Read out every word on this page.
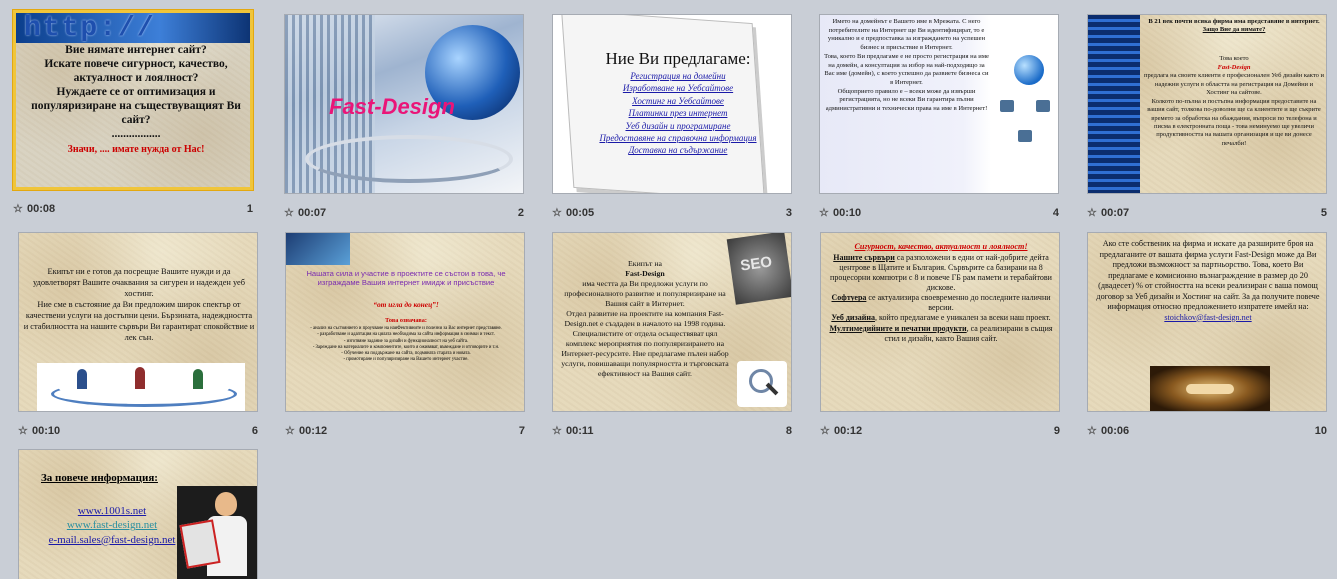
http://
Вие нямате интернет сайт?
Искате повече сигурност, качество, актуалност и лоялност?
Нуждаете се от оптимизация и популяризиране на съществуващият Ви сайт?
.................
Значи, .... имате нужда от Нас!
☆ 00:08	1
Fast-Design
☆ 00:07	2
Ние Ви предлагаме:
Регистрация на домейни
Изработване на Уебсайтове
Хостинг на Уебсайтове
Платинки през интернет
Уеб дизайн и програмиране
Предоставяне на справочна информация
Доставка на съдържание
☆ 00:05	3
Името на домейнът е Вашето име в Мрежата. С него потребителите на Интернет ще Ви идентифицират, то е уникално и е предпоставка за изграждането на успешен бизнес и присъствие в Интернет.
Това, което Ви предлагаме е не просто регистрация на име на домейн, а консултация за избор на най-подходящо за Вас име (домейн), с което успешно да развиете бизнеса си в Интернет.
Общоприето правило е – всеки може да извърши регистрацията, но не всеки Ви гарантира пълни административни и технически права на име в Интернет!
☆ 00:10	4
В 21 век почти всяка фирма има представяне в интернет. Защо Вие да нямате?

Това което
Fast-Design
предлага на своите клиенти е професионален Уеб дизайн както и надежни услуги в областта на регистрация на Домейни и Хостинг на сайтове.
Колкото по-пълна и постъпна информация предоставите на вашия сайт, толкова по-доволни ще са клиентите и ще съкрите времето за обработка на обаждания, въпроси по телефона и писма в електронната поща - това неминуемо ще увеличи продуктивността на вашата организация и ще ви донесе печалби!

☆ 00:07	5
Екипът ни е готов да посрещне Вашите нужди и да удовлетворят Вашите очаквания за сигурен и надежден уеб хостинг.
Ние сме в състояние да Ви предложим широк спектър от качествени услуги на достъпни цени. Бързината, надеждността и стабилността на нашите сървъри Ви гарантират спокойствие и лек сън.
☆ 00:10	6
Нашата сила и участие в проектите се състои в това, че изграждаме Вашия интернет имидж и присъствие
“от игла до конец”!
Това означава:
- анализ на състоянието и проучване на наиФективните и полезни за Вас интернет представяне.
- разработване и адаптация на цялата необходима за сайта информация в снимки и текст.
- изготвяне задание за дизайн и функционалност на уеб сайта.
- Зареждане на материалите и компонентите, които я оживяват, въвеждане и отговорите и т.н.
- Обучение на поддържане на сайта, подмяната старата и новата.
- промотиране и популяризиране на Вашето интернет участие.
☆ 00:12	7

Екипът на
Fast-Design
има честта да Ви предложи услуги по професионалното развитие и популяризиране на Вашия сайт в Интернет.
Отдел развитие на проектите на компания Fast-Design.net е създаден в началото на 1998 година. Специалистите от отдела осъществяват цял комплекс мероприятия по популяризирането на Интернет-ресурсите. Ние предлагаме пълен набор услуги, повишаващи популярността и търговската ефективност на Вашия сайт.

SEO
☆ 00:11	8
Сигурност, качество, актуалност и лоялност!
Нашите сървъри са разположени в едни от най-добрите дейта центрове в Щатите и България. Сървърите са базирани на 8 процесорни компютри с 8 и повече ГБ рам памети и терабайтови дискове.
Софтуера се актуализира своевременно до последните налични версии.
Уеб дизайна, който предлагаме е уникален за всеки наш проект.
Мултимедийните и печатни продукти, са реализирани в същия стил и дизайн, както Вашия сайт.
☆ 00:12	9
Ако сте собственик на фирма и искате да разширите броя на предлаганите от вашата фирма услуги Fast-Design може да Ви предложи възможност за партньорство. Това, което Ви предлагаме е комисионно възнаграждение в размер до 20 (двадесет) % от стойността на всеки реализиран с ваша помощ договор за Уеб дизайн и Хостинг на сайт. За да получите повече информация относно предложението изпратете имейл на: stoichkov@fast-design.net
☆ 00:06	10
За повече информация:
www.1001s.net
www.fast-design.net
e-mail.sales@fast-design.net
